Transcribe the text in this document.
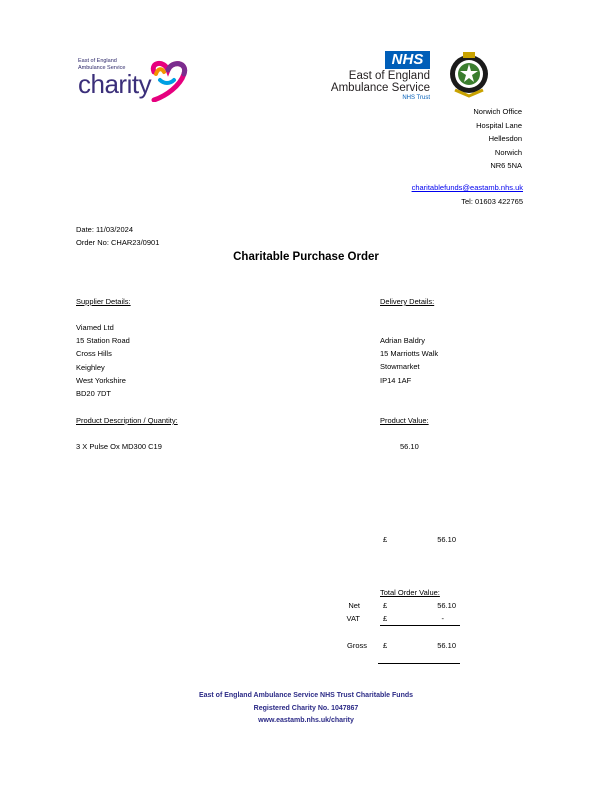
East of England
Ambulance Service
charity
NHS
East of England
Ambulance Service
NHS Trust
Norwich Office
Hospital Lane
Hellesdon
Norwich
NR6 5NA
charitablefunds@eastamb.nhs.uk
Tel: 01603 422765
Date: 11/03/2024
Order No: CHAR23/0901
Charitable Purchase Order
Supplier Details:
Viamed Ltd
15 Station Road
Cross Hills
Keighley
West Yorkshire
BD20 7DT
Delivery Details:
Adrian Baldry
15 Marriotts Walk
Stowmarket
IP14 1AF
Product Description / Quantity:	Product Value:
3 X Pulse Ox MD300 C19	56.10
£	56.10
Total Order Value:
Net	£	56.10
VAT	£	-
Gross £	56.10
East of England Ambulance Service NHS Trust Charitable Funds
Registered Charity No. 1047867
www.eastamb.nhs.uk/charity
